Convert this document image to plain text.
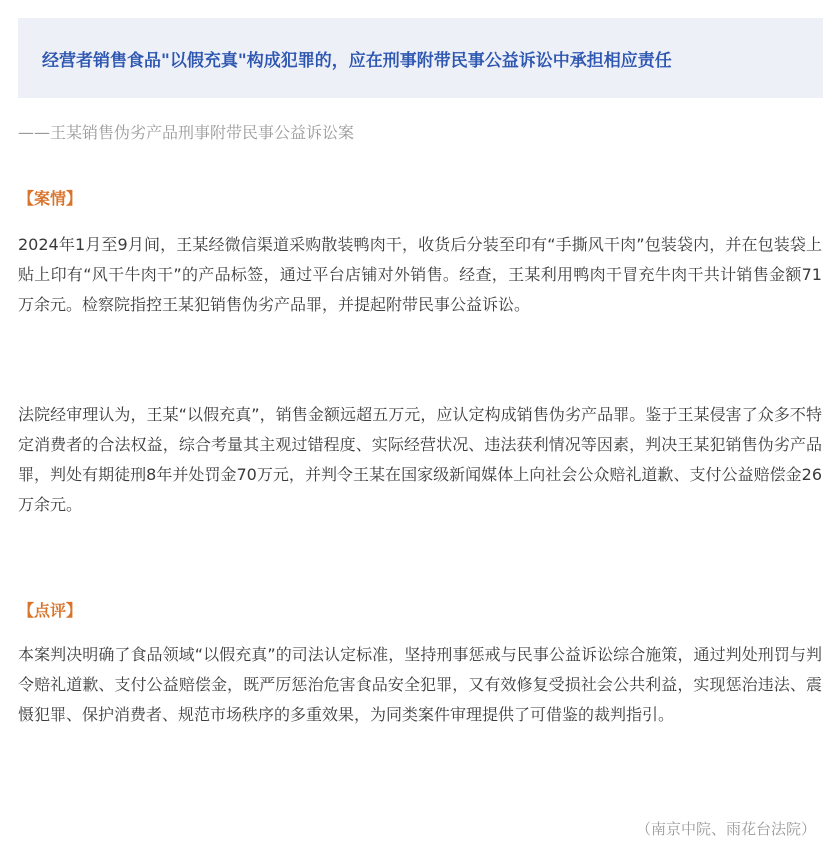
经营者销售食品"以假充真"构成犯罪的，应在刑事附带民事公益诉讼中承担相应责任
——王某销售伪劣产品刑事附带民事公益诉讼案
【案情】

2024年1月至9月间，王某经微信渠道采购散装鸭肉干，收货后分装至印有“手撕风干肉”包装袋内，并在包装袋上贴上印有“风干牛肉干”的产品标签，通过平台店铺对外销售。经查，王某利用鸭肉干冒充牛肉干共计销售金额71万余元。检察院指控王某犯销售伪劣产品罪，并提起附带民事公益诉讼。

法院经审理认为，王某“以假充真”，销售金额远超五万元，应认定构成销售伪劣产品罪。鉴于王某侵害了众多不特定消费者的合法权益，综合考量其主观过错程度、实际经营状况、违法获利情况等因素，判决王某犯销售伪劣产品罪，判处有期徒刑8年并处罚金70万元，并判令王某在国家级新闻媒体上向社会公众赔礼道歉、支付公益赔偿金26万余元。

【点评】

本案判决明确了食品领域“以假充真”的司法认定标准，坚持刑事惩戒与民事公益诉讼综合施策，通过判处刑罚与判令赔礼道歉、支付公益赔偿金，既严厉惩治危害食品安全犯罪，又有效修复受损社会公共利益，实现惩治违法、震慑犯罪、保护消费者、规范市场秩序的多重效果，为同类案件审理提供了可借鉴的裁判指引。

（南京中院、雨花台法院）
